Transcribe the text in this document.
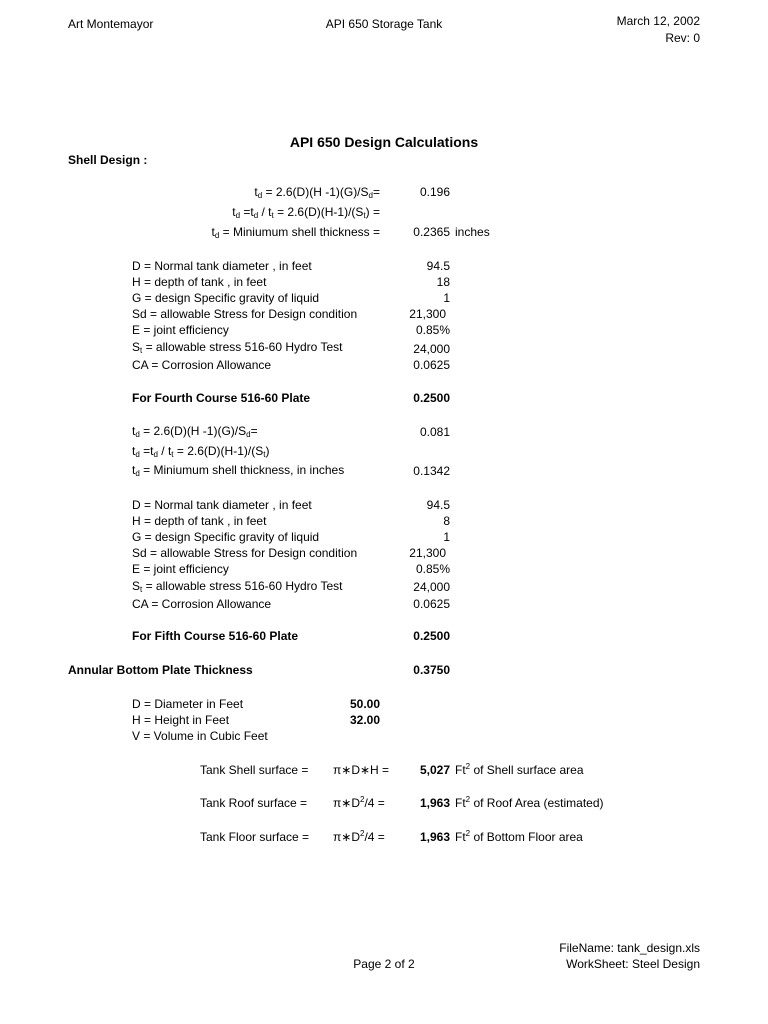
Art Montemayor	API 650 Storage Tank	March 12, 2002
Rev: 0
API 650 Design Calculations
Shell Design :
$t_d = 2.6(D)(H$ $-1)(G)/S_d=$	0.196
$t_d =t_d / t_t = 2.6(D)(H-1)/(S_t)$ =
$t_d$ = Miniumum shell thickness =	0.2365 inches
D = Normal tank diameter , in feet	94.5
H = depth of tank , in feet	18
G = design Specific gravity of liquid	1
Sd = allowable Stress for Design condition	21,300
E = joint efficiency	0.85%
$S_t$ = allowable stress 516-60 Hydro Test	24,000
CA = Corrosion Allowance	0.0625
For Fourth Course 516-60 Plate	0.2500
$t_d = 2.6(D)(H$ $-1)(G)/S_d=$	0.081
$t_d =t_d / t_t = 2.6(D)(H-1)/(S_t)$
$t_d$ = Miniumum shell thickness, in inches	0.1342
D = Normal tank diameter , in feet	94.5
H = depth of tank , in feet	8
G = design Specific gravity of liquid	1
Sd = allowable Stress for Design condition	21,300
E = joint efficiency	0.85%
$S_t$ = allowable stress 516-60 Hydro Test	24,000
CA = Corrosion Allowance	0.0625
For Fifth Course 516-60 Plate	0.2500
Annular Bottom Plate Thickness	0.3750
D = Diameter in Feet	50.00
H = Height in Feet	32.00
V = Volume in Cubic Feet
Tank Shell surface = π∗D∗H =	5,027 Ft$^2$ of Shell surface area
Tank Roof surface = $\pi∗D^2/4$ =	1,963 Ft$^2$ of Roof Area (estimated)
Tank Floor surface = $\pi∗D^2/4$ =	1,963 Ft$^2$ of Bottom Floor area
Page 2 of 2
FileName: tank_design.xls
WorkSheet: Steel Design
